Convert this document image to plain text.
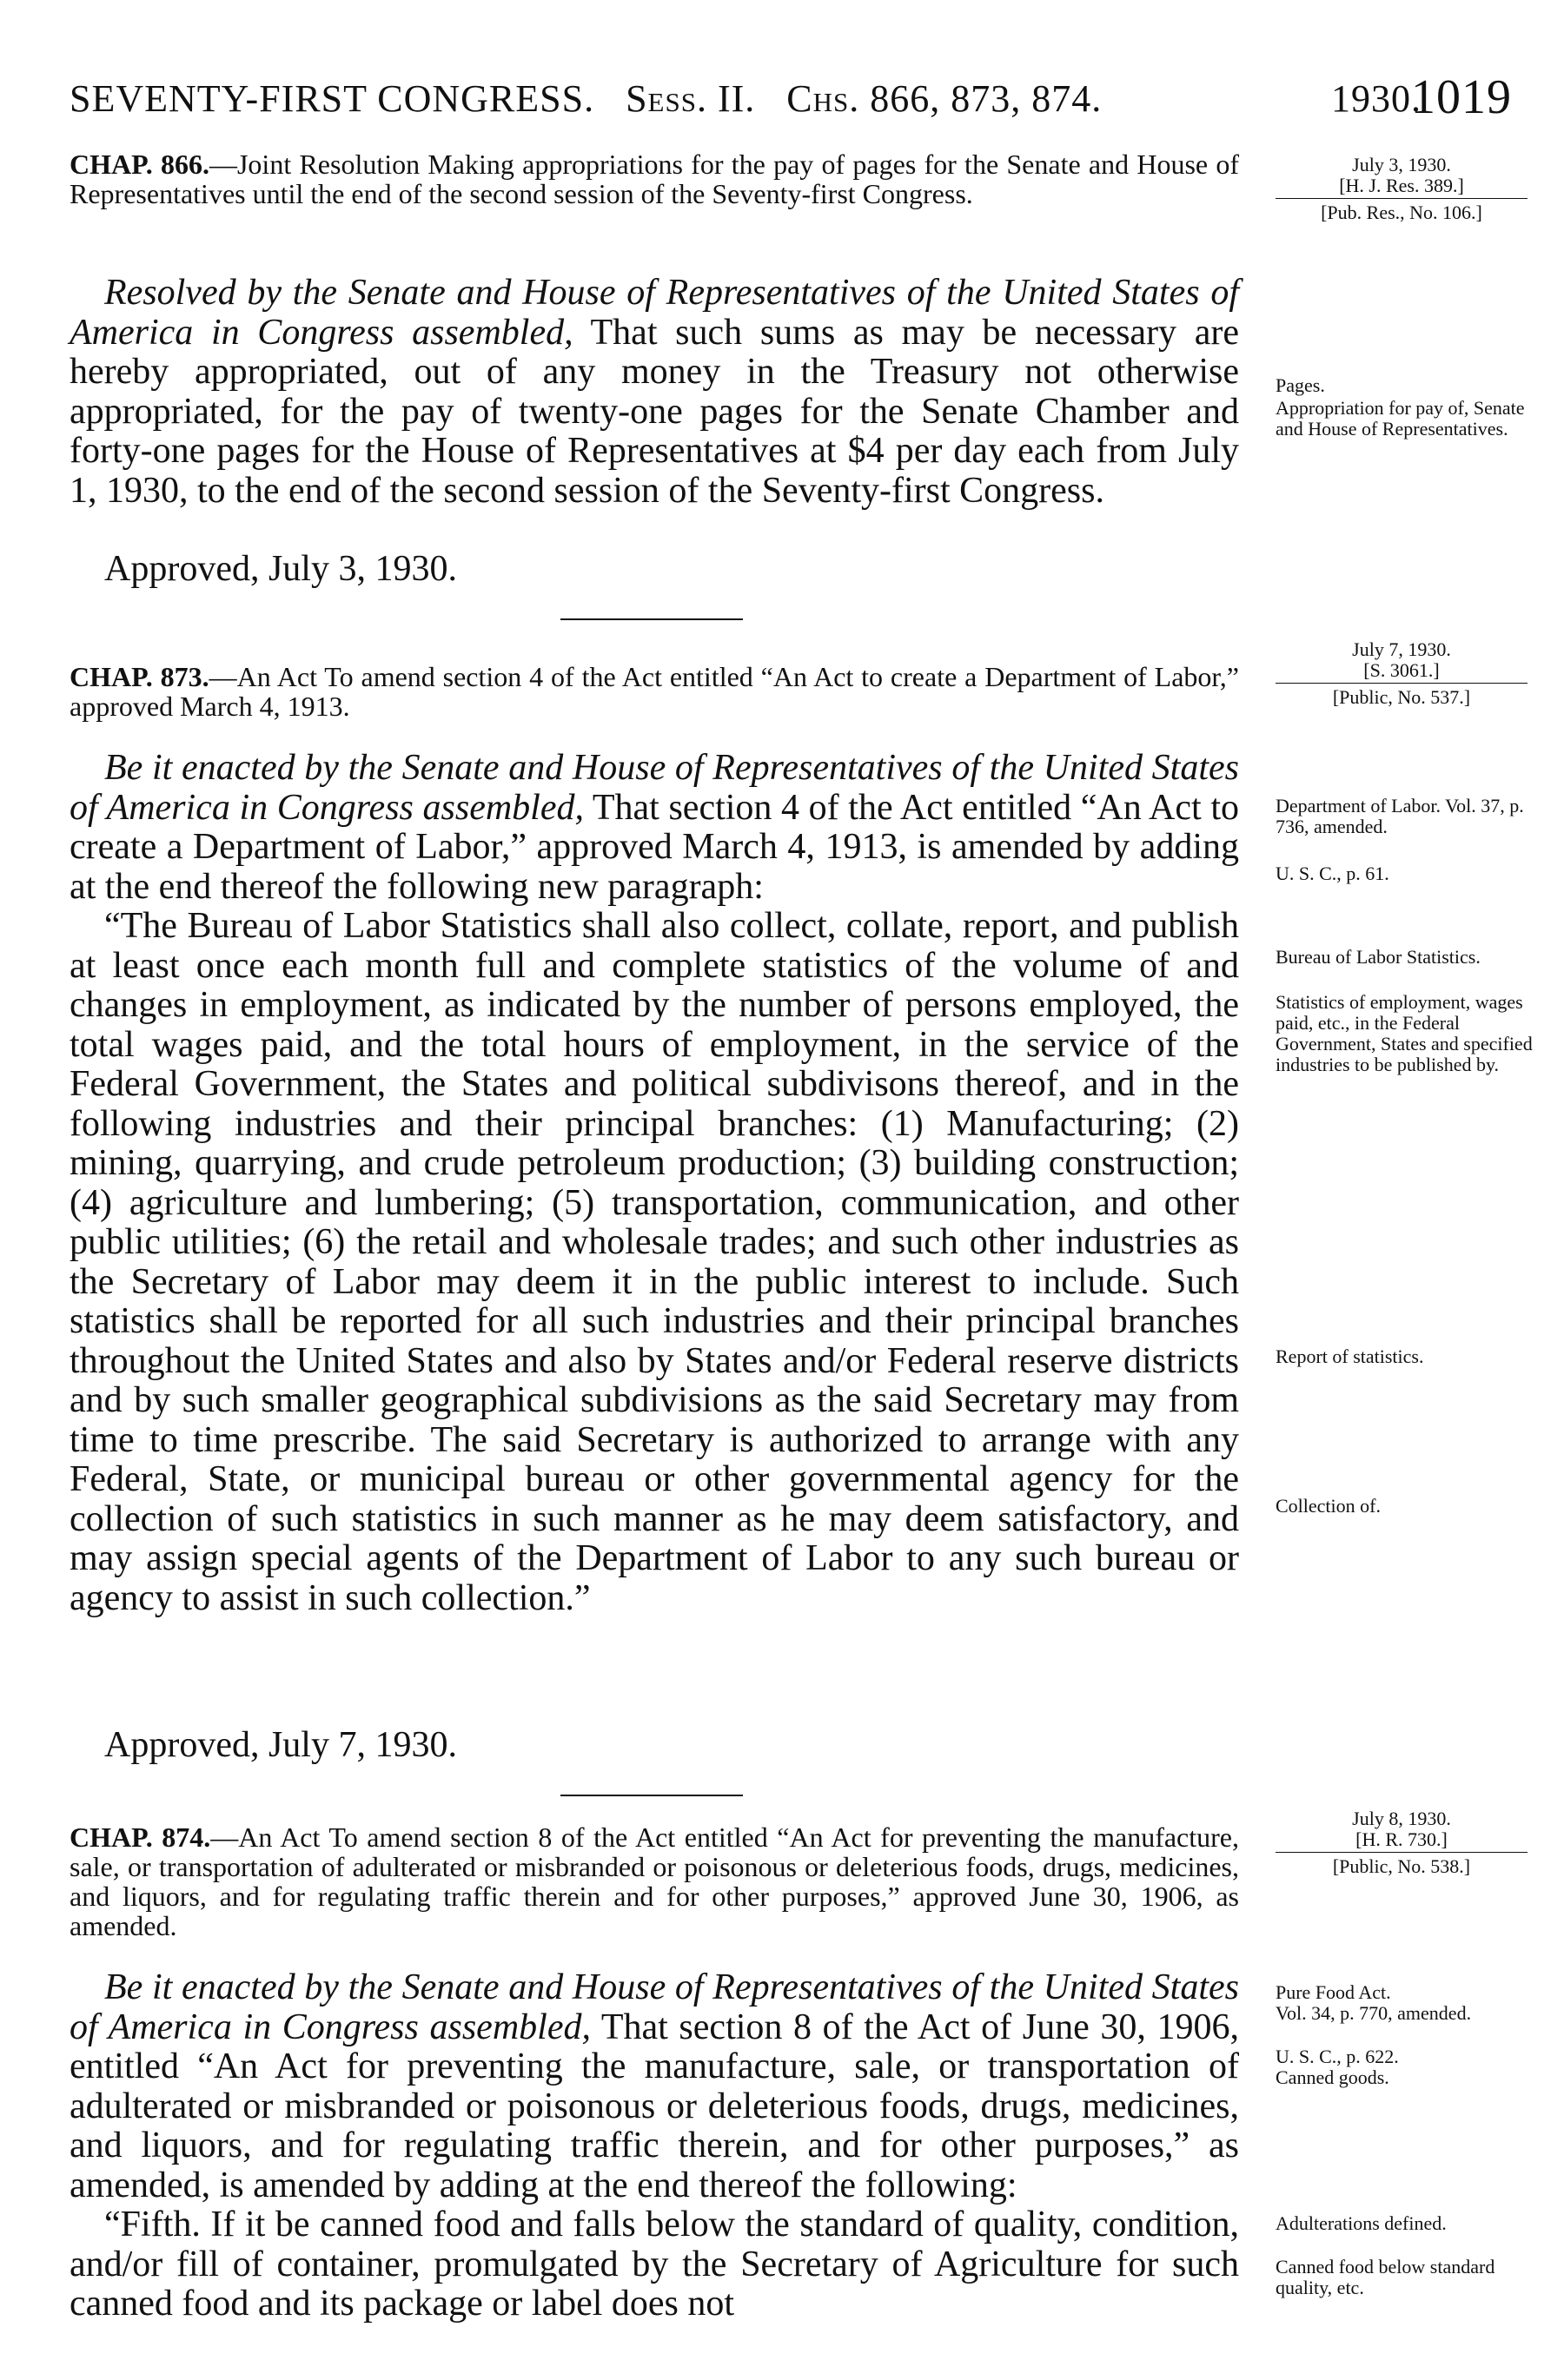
SEVENTY-FIRST CONGRESS. Sess. II. Chs. 866, 873, 874.	1930.
1019
CHAP. 866.—Joint Resolution Making appropriations for the pay of pages for the Senate and House of Representatives until the end of the second session of the Seventy-first Congress.
July 3, 1930.
[H. J. Res. 389.]
[Pub. Res., No. 106.]

Resolved by the Senate and House of Representatives of the United States of America in Congress assembled, That such sums as may be necessary are hereby appropriated, out of any money in the Treasury not otherwise appropriated, for the pay of twenty-one pages for the Senate Chamber and forty-one pages for the House of Representatives at $4 per day each from July 1, 1930, to the end of the second session of the Seventy-first Congress.

Approved, July 3, 1930.
Pages.
Appropriation for pay of, Senate and House of Representatives.
July 7, 1930.
[S. 3061.]
[Public, No. 537.]
CHAP. 873.—An Act To amend section 4 of the Act entitled “An Act to create a Department of Labor,” approved March 4, 1913.

Be it enacted by the Senate and House of Representatives of the United States of America in Congress assembled, That section 4 of the Act entitled “An Act to create a Department of Labor,” approved March 4, 1913, is amended by adding at the end thereof the following new paragraph:

“The Bureau of Labor Statistics shall also collect, collate, report, and publish at least once each month full and complete statistics of the volume of and changes in employment, as indicated by the number of persons employed, the total wages paid, and the total hours of employment, in the service of the Federal Government, the States and political subdivisons thereof, and in the following industries and their principal branches: (1) Manufacturing; (2) mining, quarrying, and crude petroleum production; (3) building construction; (4) agriculture and lumbering; (5) transportation, communication, and other public utilities; (6) the retail and wholesale trades; and such other industries as the Secretary of Labor may deem it in the public interest to include. Such statistics shall be reported for all such industries and their principal branches throughout the United States and also by States and/or Federal reserve districts and by such smaller geographical subdivisions as the said Secretary may from time to time prescribe. The said Secretary is authorized to arrange with any Federal, State, or municipal bureau or other governmental agency for the collection of such statistics in such manner as he may deem satisfactory, and may assign special agents of the Department of Labor to any such bureau or agency to assist in such collection.”

Approved, July 7, 1930.
Department of Labor. Vol. 37, p. 736, amended.
U. S. C., p. 61.
Bureau of Labor Statistics.
Statistics of employment, wages paid, etc., in the Federal Government, States and specified industries to be published by.
Report of statistics.
Collection of.
July 8, 1930.
[H. R. 730.]
[Public, No. 538.]
CHAP. 874.—An Act To amend section 8 of the Act entitled “An Act for preventing the manufacture, sale, or transportation of adulterated or misbranded or poisonous or deleterious foods, drugs, medicines, and liquors, and for regulating traffic therein and for other purposes,” approved June 30, 1906, as amended.

Be it enacted by the Senate and House of Representatives of the United States of America in Congress assembled, That section 8 of the Act of June 30, 1906, entitled “An Act for preventing the manufacture, sale, or transportation of adulterated or misbranded or poisonous or deleterious foods, drugs, medicines, and liquors, and for regulating traffic therein, and for other purposes,” as amended, is amended by adding at the end thereof the following:

“Fifth. If it be canned food and falls below the standard of quality, condition, and/or fill of container, promulgated by the Secretary of Agriculture for such canned food and its package or label does not

Pure Food Act.
Vol. 34, p. 770, amended.
U. S. C., p. 622.
Canned goods.
Adulterations defined.
Canned food below standard quality, etc.
